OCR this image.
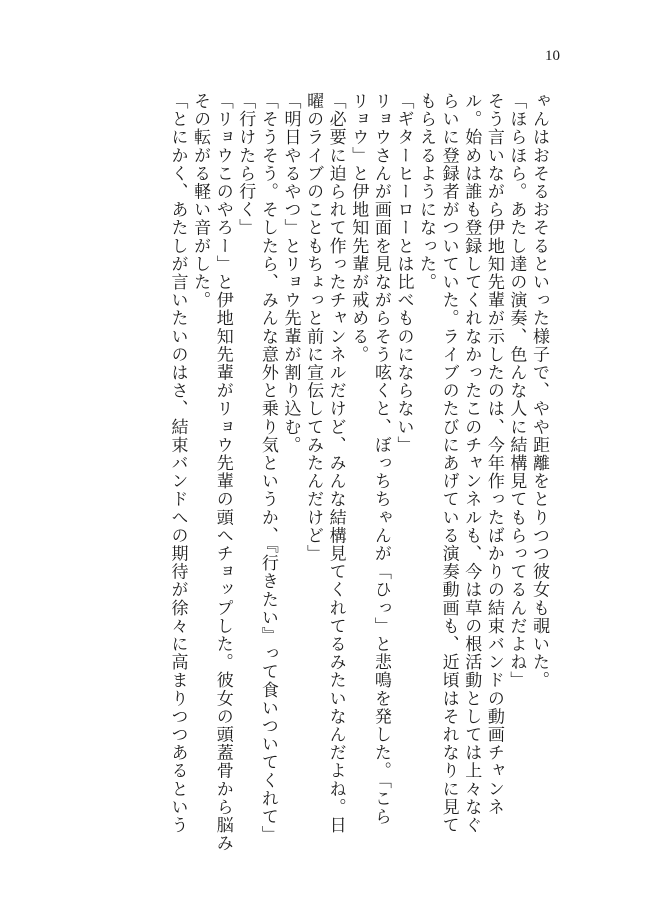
10
ゃんはおそるおそるといった様子で、やや距離をとりつつ彼女も覗いた。
「ほらほら。あたし達の演奏、色んな人に結構見てもらってるんだよね」
そう言いながら伊地知先輩が示したのは、今年作ったばかりの結束バンドの動画チャンネ
ル。始めは誰も登録してくれなかったこのチャンネルも、今は草の根活動としては上々なぐ
らいに登録者がついていた。ライブのたびにあげている演奏動画も、近頃はそれなりに見て
もらえるようになった。
「ギターヒーローとは比べものにならない」
リョウさんが画面を見ながらそう呟くと、ぼっちちゃんが「ひっ」と悲鳴を発した。「こら
リョウ」と伊地知先輩が戒める。
「必要に迫られて作ったチャンネルだけど、みんな結構見てくれてるみたいなんだよね。日
曜のライブのこともちょっと前に宣伝してみたんだけど」
「明日やるやつ」とリョウ先輩が割り込む。
「そうそう。そしたら、みんな意外と乗り気というか、『行きたい』って食いついてくれて」
「行けたら行く」
「リョウこのやろー」と伊地知先輩がリョウ先輩の頭へチョップした。彼女の頭蓋骨から脳み
その転がる軽い音がした。
「とにかく、あたしが言いたいのはさ、結束バンドへの期待が徐々に高まりつつあるという
